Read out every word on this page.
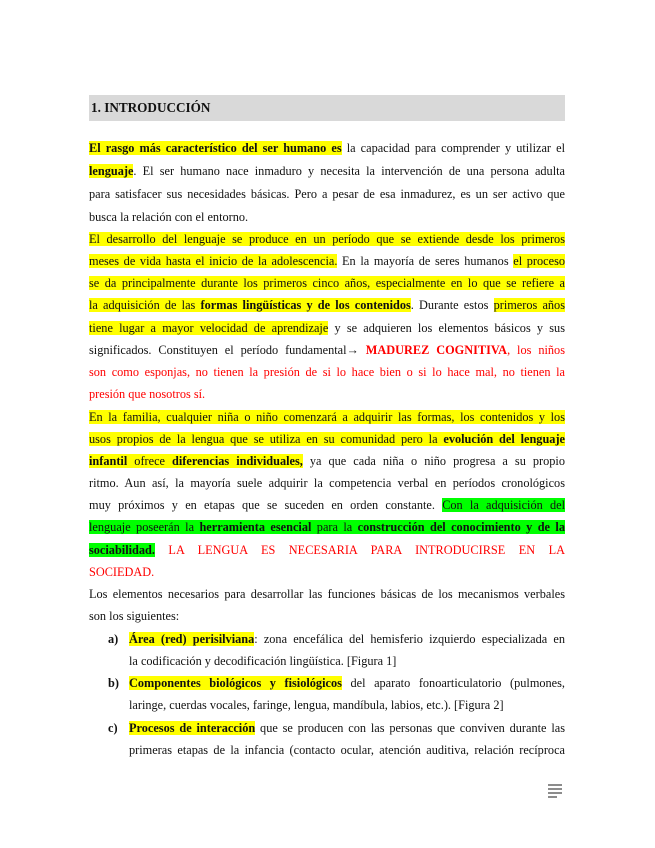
1. INTRODUCCIÓN
El rasgo más característico del ser humano es la capacidad para comprender y utilizar el
lenguaje. El ser humano nace inmaduro y necesita la intervención de una persona adulta
para satisfacer sus necesidades básicas. Pero a pesar de esa inmadurez, es un ser activo que
busca la relación con el entorno.
El desarrollo del lenguaje se produce en un período que se extiende desde los primeros
meses de vida hasta el inicio de la adolescencia. En la mayoría de seres humanos el proceso
se da principalmente durante los primeros cinco años, especialmente en lo que se refiere a
la adquisición de las formas lingüísticas y de los contenidos. Durante estos primeros años
tiene lugar a mayor velocidad de aprendizaje y se adquieren los elementos básicos y sus
significados. Constituyen el período fundamental→ MADUREZ COGNITIVA, los niños
son como esponjas, no tienen la presión de si lo hace bien o si lo hace mal, no tienen la
presión que nosotros sí.
En la familia, cualquier niña o niño comenzará a adquirir las formas, los contenidos y los
usos propios de la lengua que se utiliza en su comunidad pero la evolución del lenguaje
infantil ofrece diferencias individuales, ya que cada niña o niño progresa a su propio
ritmo. Aun así, la mayoría suele adquirir la competencia verbal en períodos cronológicos
muy próximos y en etapas que se suceden en orden constante. Con la adquisición del
lenguaje poseerán la herramienta esencial para la construcción del conocimiento y de la
sociabilidad. LA LENGUA ES NECESARIA PARA INTRODUCIRSE EN LA
SOCIEDAD.
Los elementos necesarios para desarrollar las funciones básicas de los mecanismos verbales
son los siguientes:
a) Área (red) perisilviana: zona encefálica del hemisferio izquierdo especializada en
la codificación y decodificación lingüística. [Figura 1]
b) Componentes biológicos y fisiológicos del aparato fonoarticulatorio (pulmones,
laringe, cuerdas vocales, faringe, lengua, mandíbula, labios, etc.). [Figura 2]
c) Procesos de interacción que se producen con las personas que conviven durante las
primeras etapas de la infancia (contacto ocular, atención auditiva, relación recíproca
